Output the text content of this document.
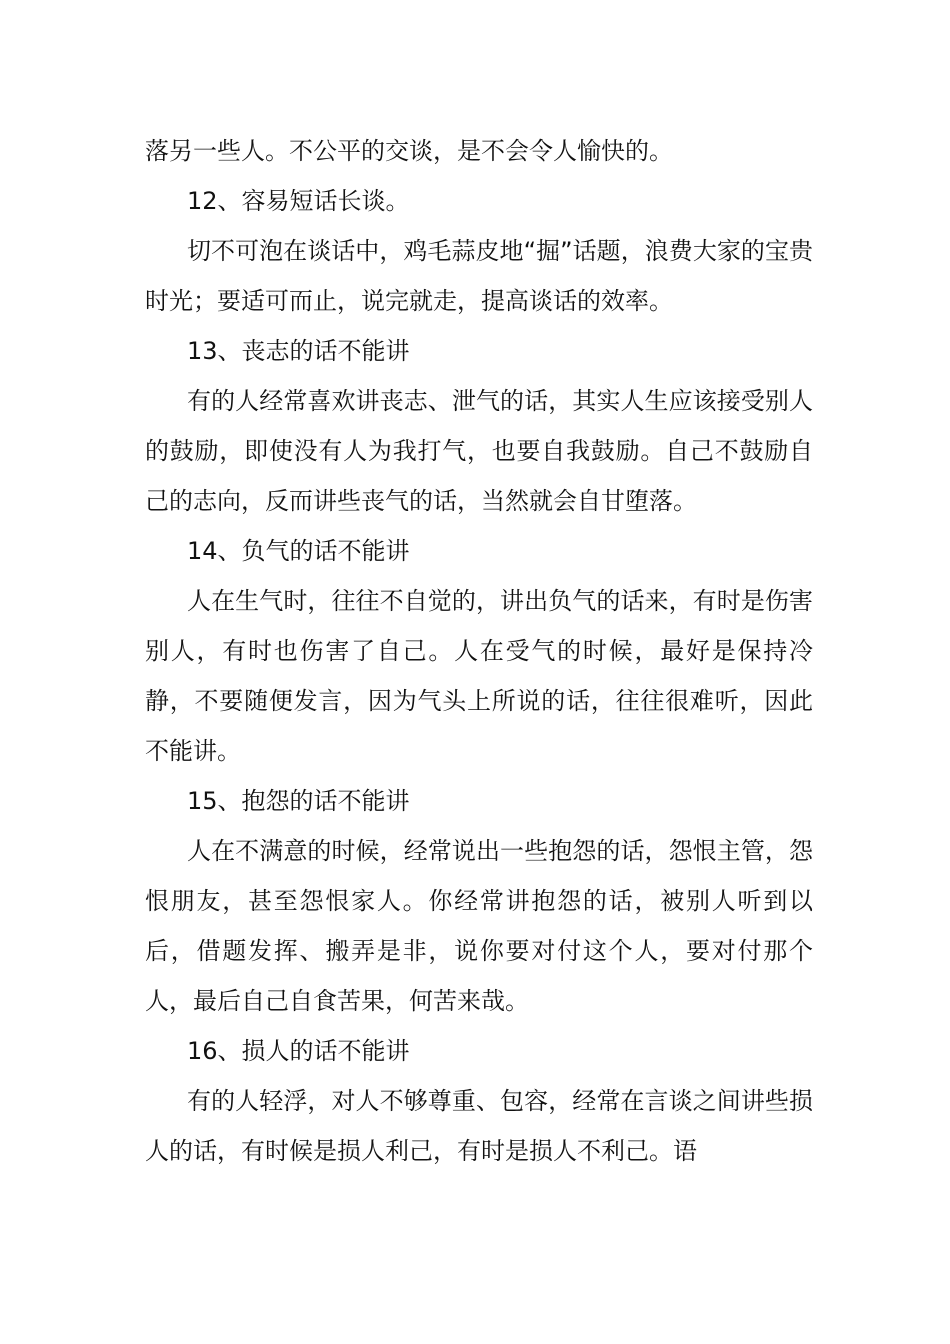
落另一些人。不公平的交谈，是不会令人愉快的。

12、容易短话长谈。

切不可泡在谈话中，鸡毛蒜皮地“掘”话题，浪费大家的宝贵时光；要适可而止，说完就走，提高谈话的效率。

13、丧志的话不能讲

有的人经常喜欢讲丧志、泄气的话，其实人生应该接受别人的鼓励，即使没有人为我打气，也要自我鼓励。自己不鼓励自己的志向，反而讲些丧气的话，当然就会自甘堕落。

14、负气的话不能讲

人在生气时，往往不自觉的，讲出负气的话来，有时是伤害别人，有时也伤害了自己。人在受气的时候，最好是保持冷静，不要随便发言，因为气头上所说的话，往往很难听，因此不能讲。

15、抱怨的话不能讲

人在不满意的时候，经常说出一些抱怨的话，怨恨主管，怨恨朋友，甚至怨恨家人。你经常讲抱怨的话，被别人听到以后，借题发挥、搬弄是非，说你要对付这个人，要对付那个人，最后自己自食苦果，何苦来哉。

16、损人的话不能讲

有的人轻浮，对人不够尊重、包容，经常在言谈之间讲些损人的话，有时候是损人利己，有时是损人不利己。语
